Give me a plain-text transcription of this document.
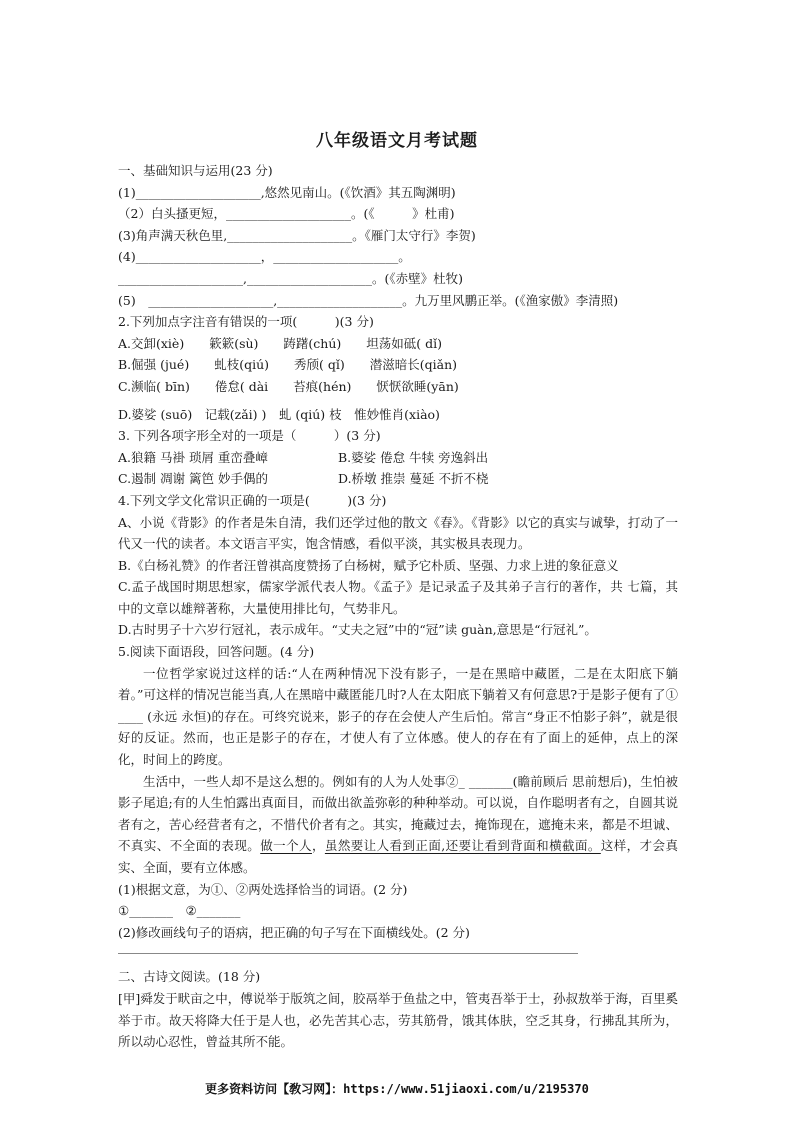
八年级语文月考试题
一、基础知识与运用(23 分)
(1)____________________,悠然见南山。(《饮酒》其五陶渊明)
（2）白头搔更短，____________________。(《　　　》杜甫)
(3)角声满天秋色里,____________________。《雁门太守行》李贺)
(4)____________________，____________________。
____________________,____________________。(《赤壁》杜牧)
(5)　____________________,____________________。九万里风鹏正举。(《渔家傲》李清照)
2.下列加点字注音有错误的一项(　　　)(3 分)
A.交卸(xiè)　　簌簌(sù)　　踌躇(chú)　　坦荡如砥( dǐ)
B.倔强 (jué)　　虬枝(qiú)　　秀颀( qǐ)　　潜滋暗长(qiǎn)
C.濒临( bīn)　　倦怠( dài　　苔痕(hén)　　恹恹欲睡(yān)
D.婆娑 (suō)　记载(zǎi) )　虬 (qiú) 枝　惟妙惟肖(xiào)
3. 下列各项字形全对的一项是（　　　）(3 分)
A.狼籍 马褂 琐屑 重峦叠嶂	B.婆娑 倦怠 牛犊 旁逸斜出
C.遏制 凋谢 篱笆 妙手偶的	D.桥墩 推崇 蔓延 不折不桡
4.下列文学文化常识正确的一项是(　　　)(3 分)
A、小说《背影》的作者是朱自清，我们还学过他的散文《春》。《背影》以它的真实与诚挚，打动了一代又一代的读者。本文语言平实，饱含情感，看似平淡，其实极具表现力。
B.《白杨礼赞》的作者汪曾祺高度赞扬了白杨树，赋予它朴质、坚强、力求上进的象征意义
C.孟子战国时期思想家，儒家学派代表人物。《孟子》是记录孟子及其弟子言行的著作，共 七篇，其中的文章以雄辩著称，大量使用排比句，气势非凡。
D.古时男子十六岁行冠礼，表示成年。“丈夫之冠”中的“冠”读 guàn,意思是“行冠礼”。
5.阅读下面语段，回答问题。(4 分)
一位哲学家说过这样的话:“人在两种情况下没有影子，一是在黑暗中藏匿，二是在太阳底下躺着。”可这样的情况岂能当真,人在黑暗中藏匿能几时?人在太阳底下躺着又有何意思?于是影子便有了① ____ (永远 永恒)的存在。可终究说来，影子的存在会使人产生后怕。常言“身正不怕影子斜”，就是很好的反证。然而，也正是影子的存在，才使人有了立体感。使人的存在有了面上的延伸，点上的深化，时间上的跨度。
生活中，一些人却不是这么想的。例如有的人为人处事②_ _______(瞻前顾后 思前想后)，生怕被影子尾追;有的人生怕露出真面目，而做出欲盖弥彰的种种举动。可以说，自作聪明者有之，自圆其说者有之，苦心经营者有之，不惜代价者有之。其实，掩藏过去，掩饰现在，遮掩未来，都是不坦诚、不真实、不全面的表现。做一个人，虽然要让人看到正面,还要让看到背面和横截面。这样，才会真实、全面，要有立体感。
(1)根据文意，为①、②两处选择恰当的词语。(2 分)
①_______　②_______
(2)修改画线句子的语病，把正确的句子写在下面横线处。(2 分)
二、古诗文阅读。(18 分)
[甲]舜发于畎亩之中，傅说举于版筑之间，胶鬲举于鱼盐之中，管夷吾举于士，孙叔敖举于海，百里奚举于市。故天将降大任于是人也，必先苦其心志，劳其筋骨，饿其体肤，空乏其身，行拂乱其所为，所以动心忍性，曾益其所不能。
更多资料访问【敎习网】：https://www.51jiaoxi.com/u/2195370
